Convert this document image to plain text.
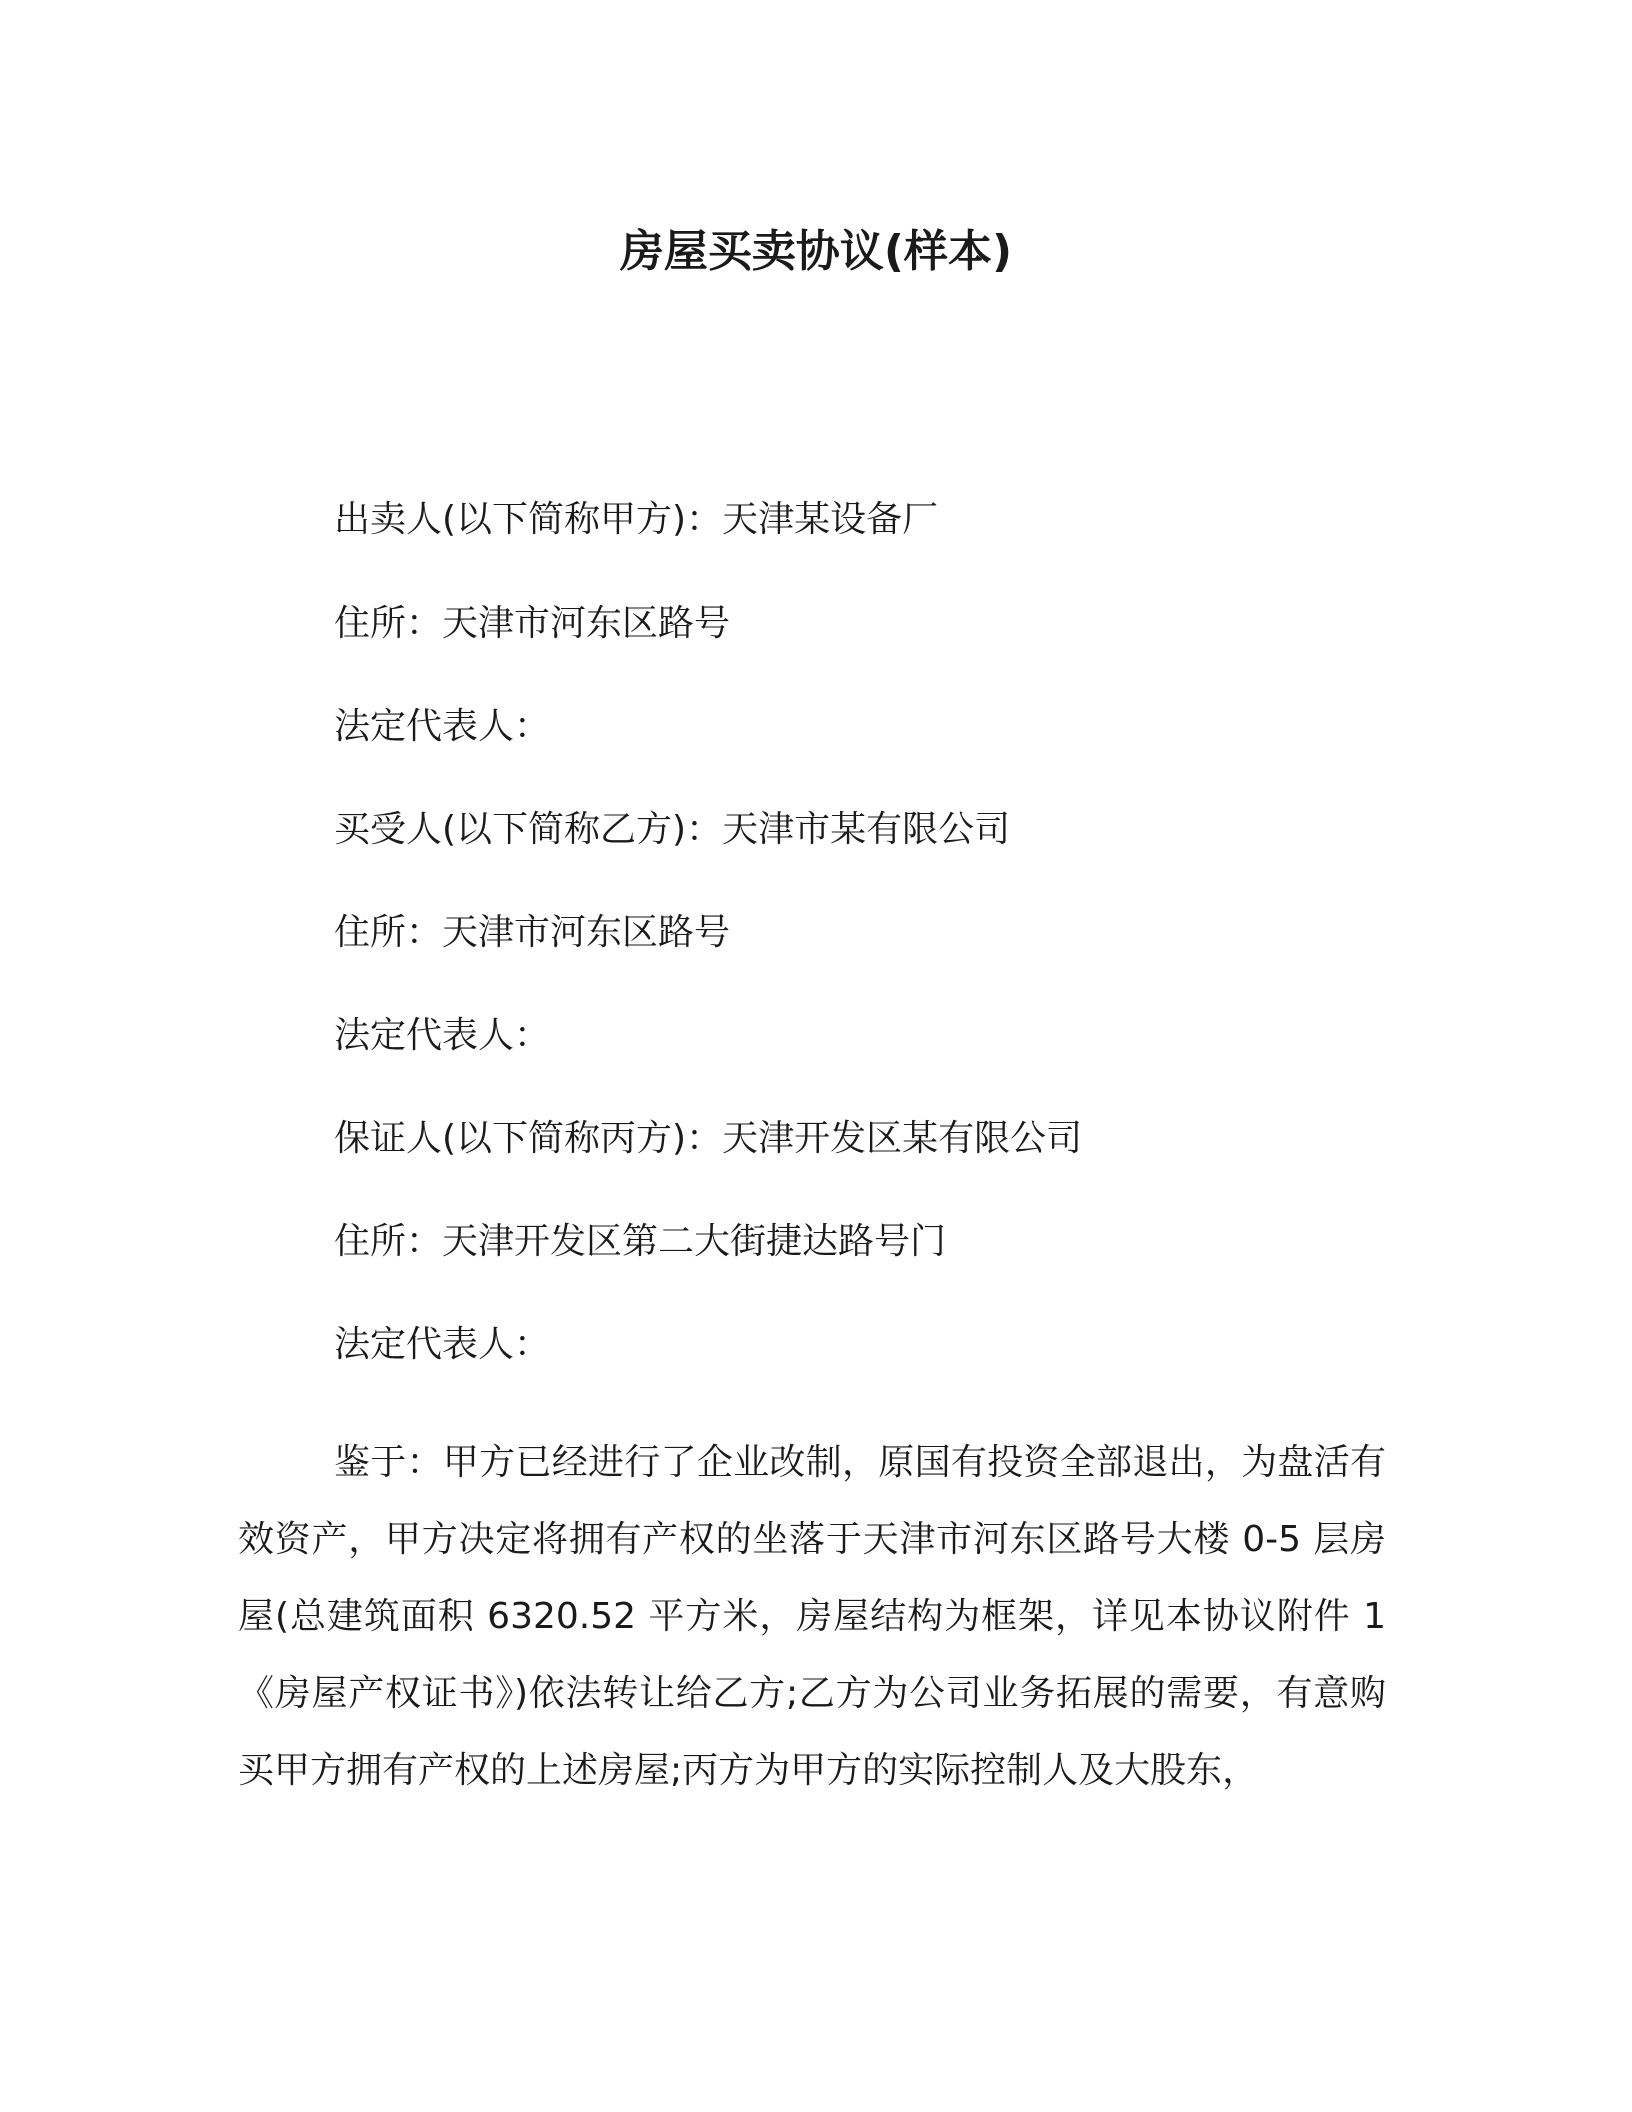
房屋买卖协议(样本)
出卖人(以下简称甲方)：天津某设备厂
住所：天津市河东区路号
法定代表人：
买受人(以下简称乙方)：天津市某有限公司
住所：天津市河东区路号
法定代表人：
保证人(以下简称丙方)：天津开发区某有限公司
住所：天津开发区第二大街捷达路号门
法定代表人：
鉴于：甲方已经进行了企业改制，原国有投资全部退出，为盘活有效资产，甲方决定将拥有产权的坐落于天津市河东区路号大楼 0-5 层房屋(总建筑面积 6320.52 平方米，房屋结构为框架，详见本协议附件 1《房屋产权证书》)依法转让给乙方;乙方为公司业务拓展的需要，有意购买甲方拥有产权的上述房屋;丙方为甲方的实际控制人及大股东，
